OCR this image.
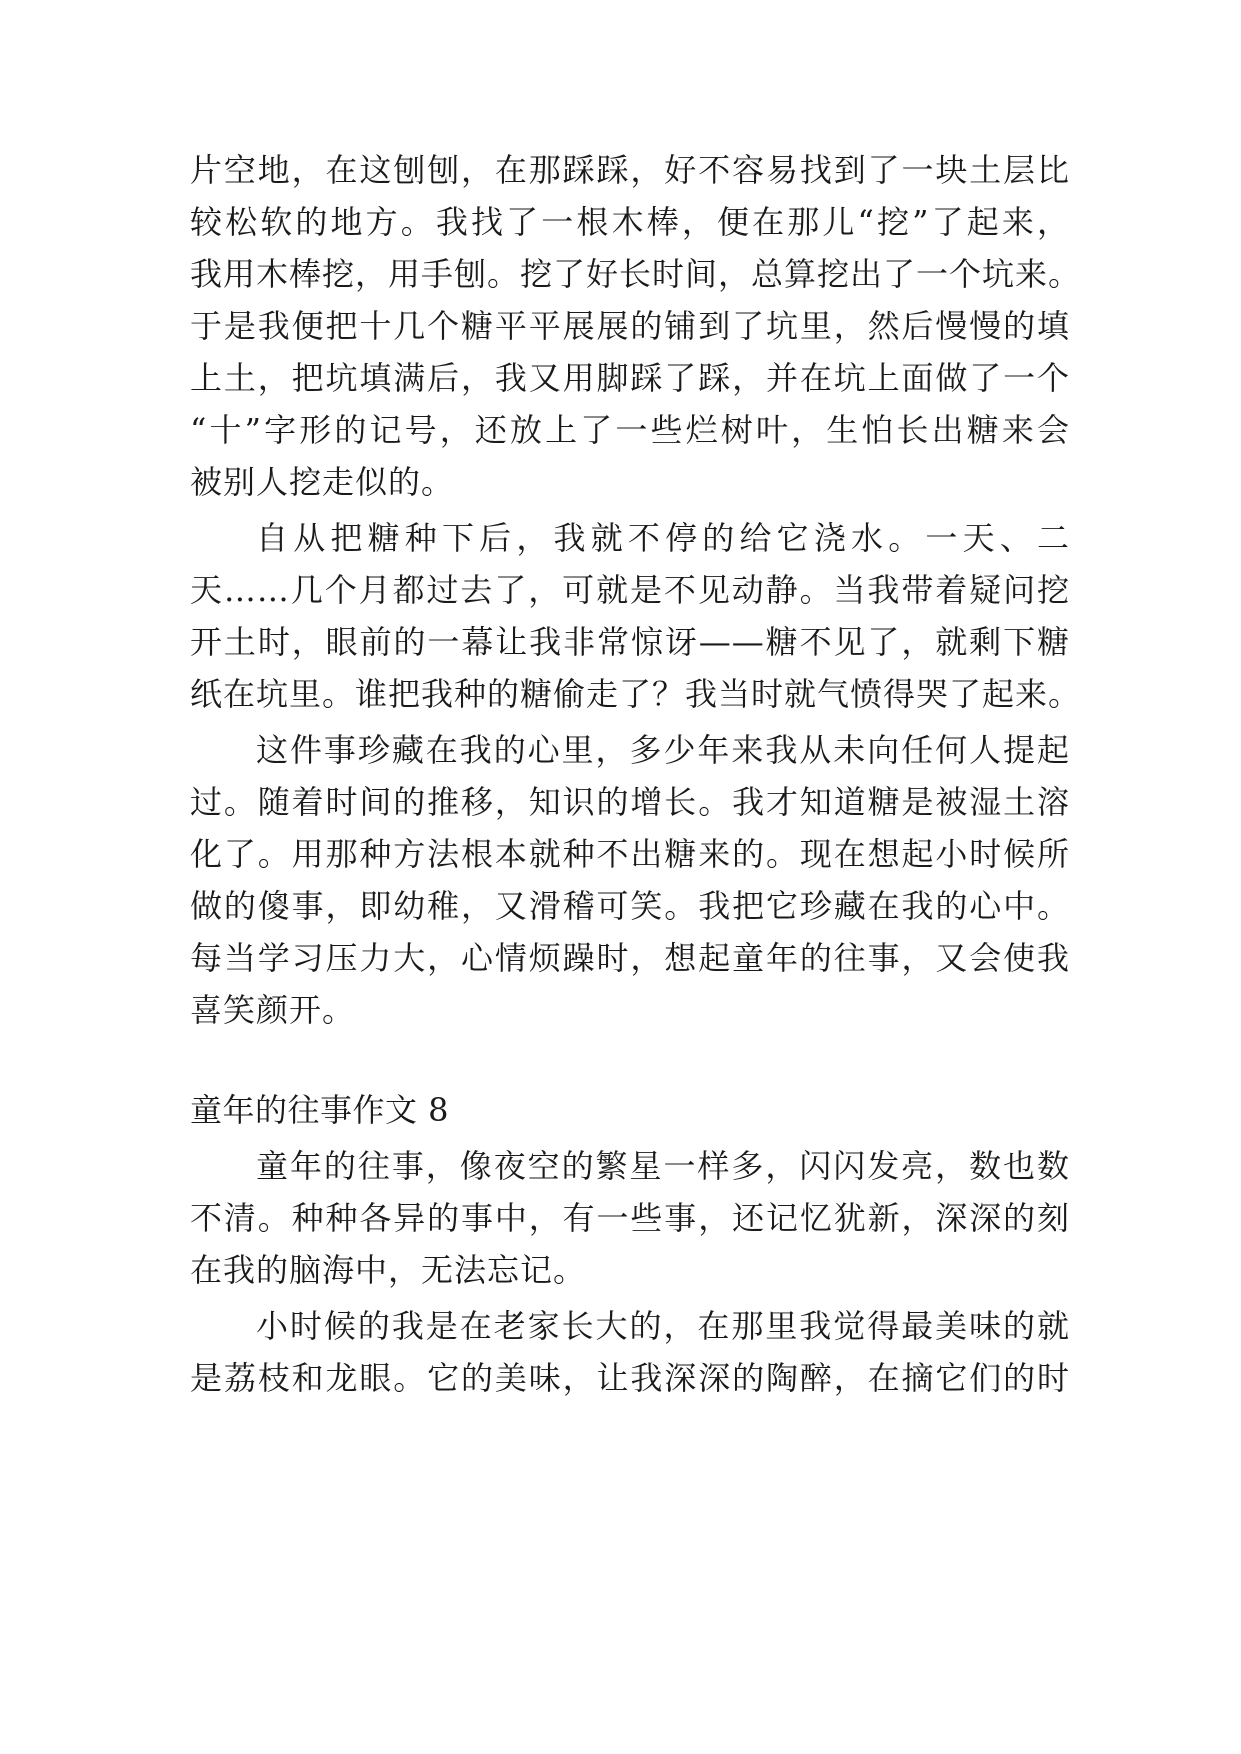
片空地，在这刨刨，在那踩踩，好不容易找到了一块土层比
较松软的地方。我找了一根木棒，便在那儿“挖”了起来，
我用木棒挖，用手刨。挖了好长时间，总算挖出了一个坑来。
于是我便把十几个糖平平展展的铺到了坑里，然后慢慢的填
上土，把坑填满后，我又用脚踩了踩，并在坑上面做了一个
“十”字形的记号，还放上了一些烂树叶，生怕长出糖来会
被别人挖走似的。
自从把糖种下后，我就不停的给它浇水。一天、二
天……几个月都过去了，可就是不见动静。当我带着疑问挖
开土时，眼前的一幕让我非常惊讶——糖不见了，就剩下糖
纸在坑里。谁把我种的糖偷走了？我当时就气愤得哭了起来。
这件事珍藏在我的心里，多少年来我从未向任何人提起
过。随着时间的推移，知识的增长。我才知道糖是被湿土溶
化了。用那种方法根本就种不出糖来的。现在想起小时候所
做的傻事，即幼稚，又滑稽可笑。我把它珍藏在我的心中。
每当学习压力大，心情烦躁时，想起童年的往事，又会使我
喜笑颜开。
童年的往事作文 8
童年的往事，像夜空的繁星一样多，闪闪发亮，数也数
不清。种种各异的事中，有一些事，还记忆犹新，深深的刻
在我的脑海中，无法忘记。
小时候的我是在老家长大的，在那里我觉得最美味的就
是荔枝和龙眼。它的美味，让我深深的陶醉，在摘它们的时
